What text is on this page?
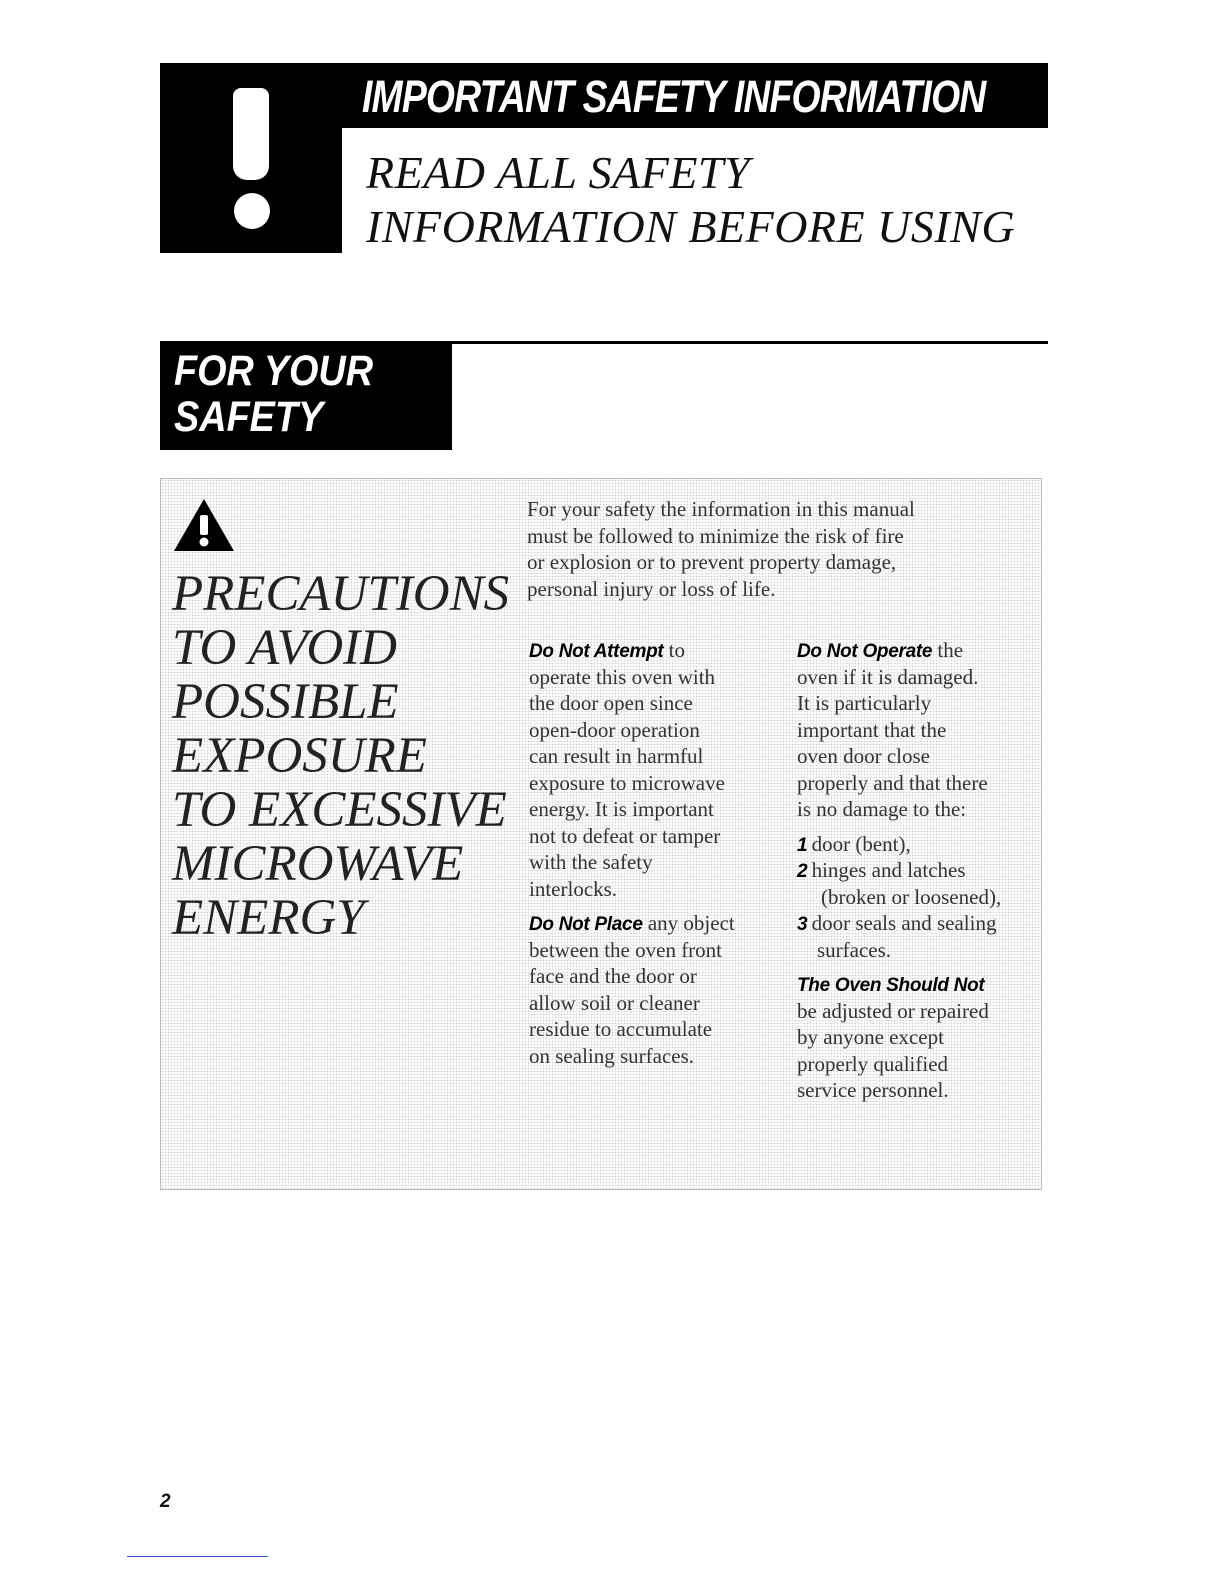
IMPORTANT SAFETY INFORMATION
READ ALL SAFETY
INFORMATION BEFORE USING
FOR YOUR
SAFETY
PRECAUTIONS
TO AVOID
POSSIBLE
EXPOSURE
TO EXCESSIVE
MICROWAVE
ENERGY
For your safety the information in this manual
must be followed to minimize the risk of fire
or explosion or to prevent property damage,
personal injury or loss of life.
Do Not Attempt to
operate this oven with
the door open since
open-door operation
can result in harmful
exposure to microwave
energy. It is important
not to defeat or tamper
with the safety
interlocks.
Do Not Place any object
between the oven front
face and the door or
allow soil or cleaner
residue to accumulate
on sealing surfaces.
Do Not Operate the
oven if it is damaged.
It is particularly
important that the
oven door close
properly and that there
is no damage to the:
1 door (bent),
2 hinges and latches
(broken or loosened),
3 door seals and sealing
surfaces.
The Oven Should Not
be adjusted or repaired
by anyone except
properly qualified
service personnel.
2
